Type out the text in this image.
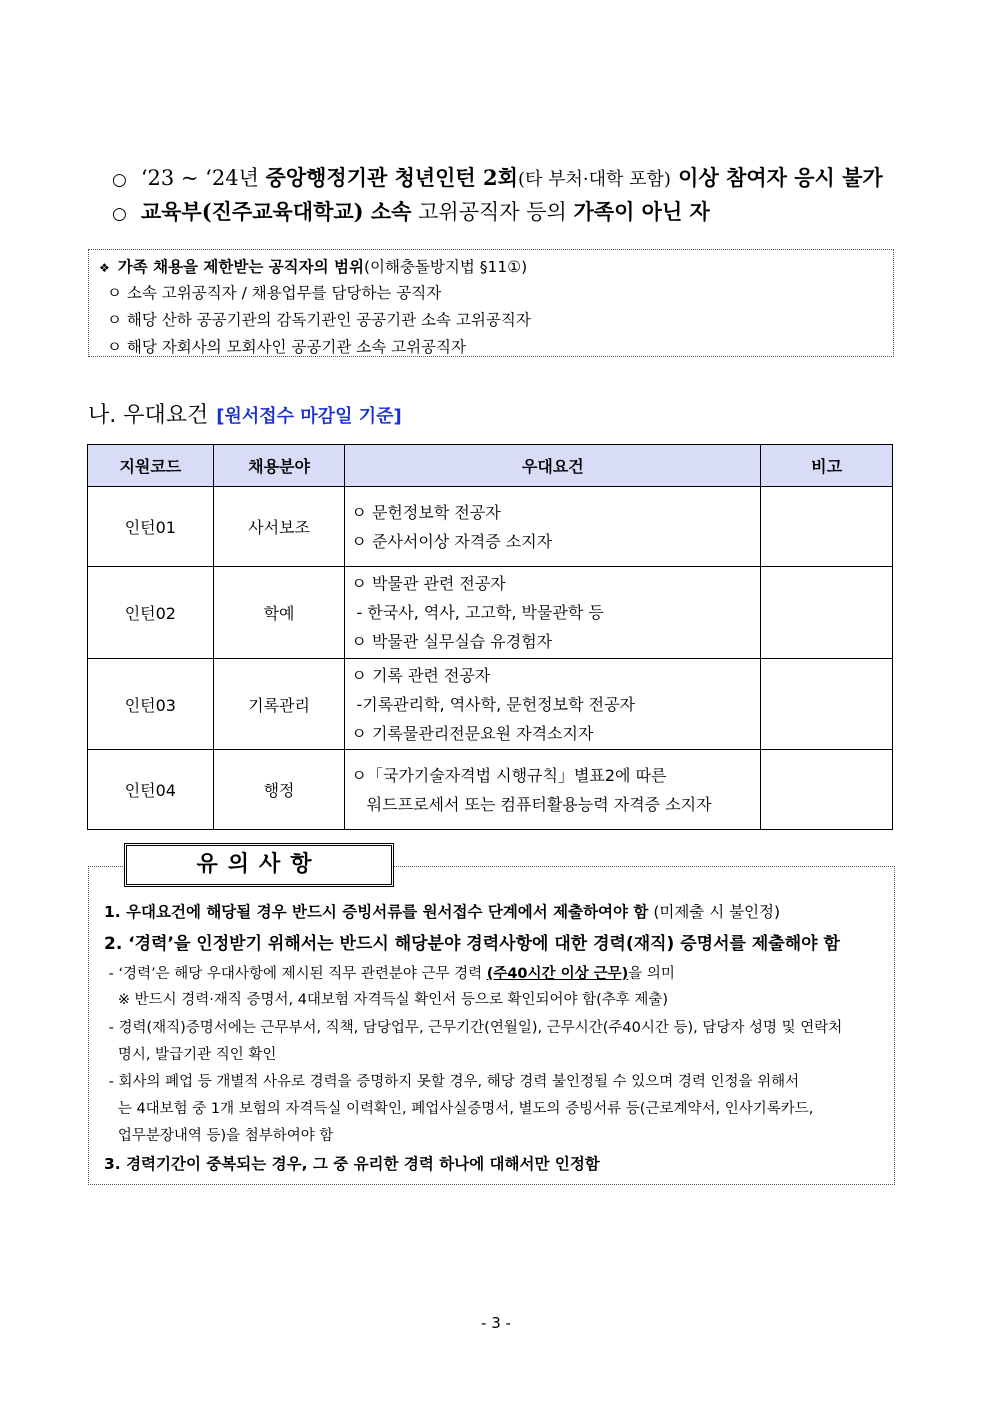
○ ‘23 ~ ‘24년 중앙행정기관 청년인턴 2회(타 부처·대학 포함) 이상 참여자 응시 불가
○ 교육부(진주교육대학교) 소속 고위공직자 등의 가족이 아닌 자
❖ 가족 채용을 제한받는 공직자의 범위(이해충돌방지법 §11①)
ㅇ 소속 고위공직자 / 채용업무를 담당하는 공직자
ㅇ 해당 산하 공공기관의 감독기관인 공공기관 소속 고위공직자
ㅇ 해당 자회사의 모회사인 공공기관 소속 고위공직자
나. 우대요건 [원서접수 마감일 기준]
지원코드	채용분야	우대요건	비고
인턴01	사서보조	ㅇ 문헌정보학 전공자
ㅇ 준사서이상 자격증 소지자	

인턴02	학예	ㅇ 박물관 관련 전공자
- 한국사, 역사, 고고학, 박물관학 등
ㅇ 박물관 실무실습 유경험자	

인턴03	기록관리	ㅇ 기록 관련 전공자
-기록관리학, 역사학, 문헌정보학 전공자
ㅇ 기록물관리전문요원 자격소지자	

인턴04	행정	ㅇ「국가기술자격법 시행규칙」별표2에 따른
워드프로세서 또는 컴퓨터활용능력 자격증 소지자	

유의사항
1. 우대요건에 해당될 경우 반드시 증빙서류를 원서접수 단계에서 제출하여야 함 (미제출 시 불인정)
2. ‘경력’을 인정받기 위해서는 반드시 해당분야 경력사항에 대한 경력(재직) 증명서를 제출해야 함
- ‘경력’은 해당 우대사항에 제시된 직무 관련분야 근무 경력 (주40시간 이상 근무)을 의미
※ 반드시 경력·재직 증명서, 4대보험 자격득실 확인서 등으로 확인되어야 함(추후 제출)
- 경력(재직)증명서에는 근무부서, 직책, 담당업무, 근무기간(연월일), 근무시간(주40시간 등), 담당자 성명 및 연락처
명시, 발급기관 직인 확인
- 회사의 폐업 등 개별적 사유로 경력을 증명하지 못할 경우, 해당 경력 불인정될 수 있으며 경력 인정을 위해서
는 4대보험 중 1개 보험의 자격득실 이력확인, 폐업사실증명서, 별도의 증빙서류 등(근로계약서, 인사기록카드,
업무분장내역 등)을 첨부하여야 함
3. 경력기간이 중복되는 경우, 그 중 유리한 경력 하나에 대해서만 인정함
- 3 -
